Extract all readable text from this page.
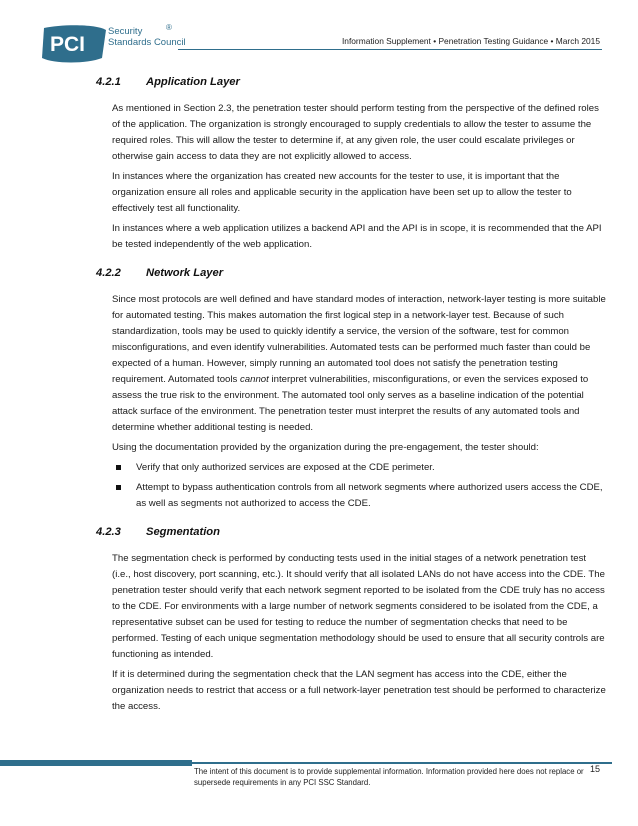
PCI
Security
Standards Council
®
Information Supplement • Penetration Testing Guidance • March 2015
4.2.1	Application Layer

As mentioned in Section 2.3, the penetration tester should perform testing from the perspective of the defined roles of the application. The organization is strongly encouraged to supply credentials to allow the tester to assume the required roles. This will allow the tester to determine if, at any given role, the user could escalate privileges or otherwise gain access to data they are not explicitly allowed to access.

In instances where the organization has created new accounts for the tester to use, it is important that the organization ensure all roles and applicable security in the application have been set up to allow the tester to effectively test all functionality.

In instances where a web application utilizes a backend API and the API is in scope, it is recommended that the API be tested independently of the web application.

4.2.2	Network Layer

Since most protocols are well defined and have standard modes of interaction, network-layer testing is more suitable for automated testing. This makes automation the first logical step in a network-layer test. Because of such standardization, tools may be used to quickly identify a service, the version of the software, test for common misconfigurations, and even identify vulnerabilities. Automated tests can be performed much faster than could be expected of a human. However, simply running an automated tool does not satisfy the penetration testing requirement. Automated tools cannot interpret vulnerabilities, misconfigurations, or even the services exposed to assess the true risk to the environment. The automated tool only serves as a baseline indication of the potential attack surface of the environment. The penetration tester must interpret the results of any automated tools and determine whether additional testing is needed.

Using the documentation provided by the organization during the pre-engagement, the tester should:

Verify that only authorized services are exposed at the CDE perimeter.
Attempt to bypass authentication controls from all network segments where authorized users access the CDE, as well as segments not authorized to access the CDE.
4.2.3	Segmentation

The segmentation check is performed by conducting tests used in the initial stages of a network penetration test (i.e., host discovery, port scanning, etc.). It should verify that all isolated LANs do not have access into the CDE. The penetration tester should verify that each network segment reported to be isolated from the CDE truly has no access to the CDE. For environments with a large number of network segments considered to be isolated from the CDE, a representative subset can be used for testing to reduce the number of segmentation checks that need to be performed. Testing of each unique segmentation methodology should be used to ensure that all security controls are functioning as intended.

If it is determined during the segmentation check that the LAN segment has access into the CDE, either the organization needs to restrict that access or a full network-layer penetration test should be performed to characterize the access.

The intent of this document is to provide supplemental information. Information provided here does not replace or supersede requirements in any PCI SSC Standard.
15
